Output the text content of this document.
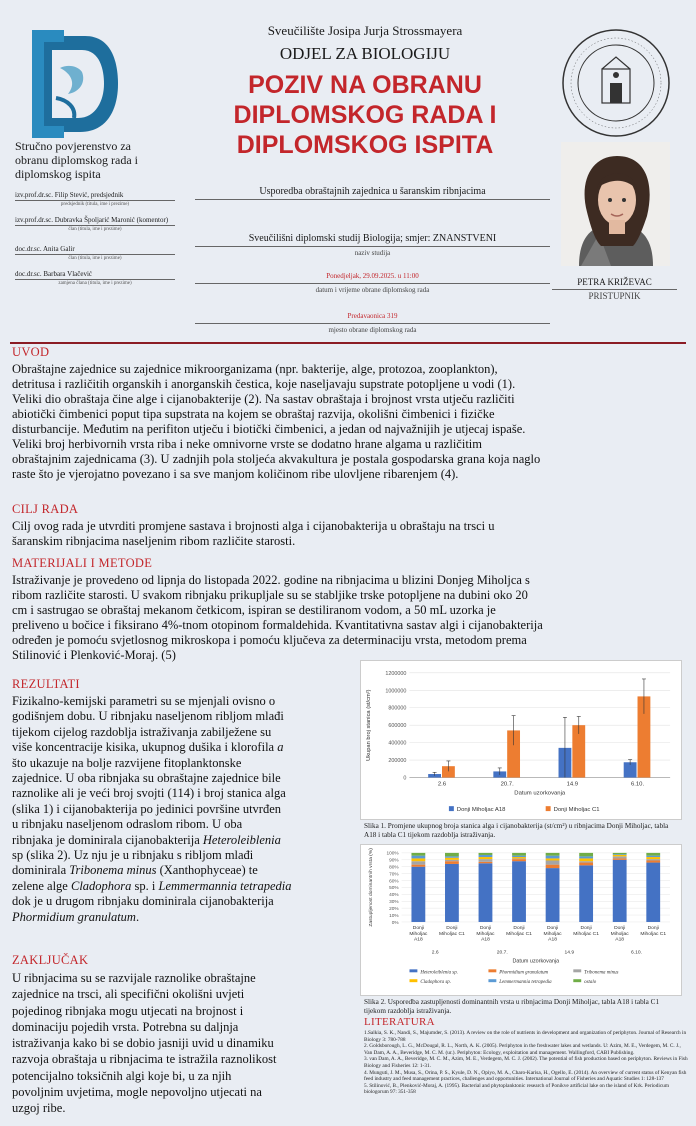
Sveučilište Josipa Jurja Strossmayera
ODJEL ZA BIOLOGIJU
POZIV NA OBRANU
DIPLOMSKOG RADA I
DIPLOMSKOG ISPITA
Stručno povjerenstvo za
obranu diplomskog rada i
diplomskog ispita
izv.prof.dr.sc. Filip Stević, predsjednik
predsjednik (titula, ime i prezime)
izv.prof.dr.sc. Dubravka Špoljarić Maronić (komentor)
član (titula, ime i prezime)
doc.dr.sc. Anita Galir
član (titula, ime i prezime)
doc.dr.sc. Barbara Vlačević
zamjena člana (titula, ime i prezime)
Usporedba obraštajnih zajednica u šaranskim ribnjacima
Sveučilišni diplomski studij Biologija; smjer: ZNANSTVENI
naziv studija
Ponedjeljak, 29.09.2025. u 11:00
datum i vrijeme obrane diplomskog rada
Predavaonica 319
mjesto obrane diplomskog rada
PETRA KRIŽEVAC
PRISTUPNIK
UVOD
Obraštajne zajednice su zajednice mikroorganizama (npr. bakterije, alge, protozoa, zooplankton),
detritusa i različitih organskih i anorganskih čestica, koje naseljavaju supstrate potopljene u vodi (1).
Veliki dio obraštaja čine alge i cijanobakterije (2). Na sastav obraštaja i brojnost vrsta utječu različiti
abiotički čimbenici poput tipa supstrata na kojem se obraštaj razvija, okolišni čimbenici i fizičke
disturbancije. Međutim na perifiton utječu i biotički čimbenici, a jedan od najvažnijih je utjecaj ispaše.
Veliki broj herbivornih vrsta riba i neke omnivorne vrste se dodatno hrane algama u različitim
obraštajnim zajednicama (3). U zadnjih pola stoljeća akvakultura je postala gospodarska grana koja naglo
raste što je vjerojatno povezano i sa sve manjom količinom ribe ulovljene ribarenjem (4).
CILJ RADA
Cilj ovog rada je utvrditi promjene sastava i brojnosti alga i cijanobakterija u obraštaju na trsci u
šaranskim ribnjacima naseljenim ribom različite starosti.
MATERIJALI I METODE
Istraživanje je provedeno od lipnja do listopada 2022. godine na ribnjacima u blizini Donjeg Miholjca s
ribom različite starosti. U svakom ribnjaku prikupljale su se stabljike trske potopljene na dubini oko 20
cm i sastrugao se obraštaj mekanom četkicom, ispiran se destiliranom vodom, a 50 mL uzorka je
preliveno u bočice i fiksirano 4%-tnom otopinom formaldehida. Kvantitativna sastav algi i cijanobakterija
određen je pomoću svjetlosnog mikroskopa i pomoću ključeva za determinaciju vrsta, metodom prema
Stilinović i Plenković-Moraj. (5)
REZULTATI
Fizikalno-kemijski parametri su se mjenjali ovisno o
godišnjem dobu. U ribnjaku naseljenom ribljom mlađi
tijekom cijelog razdoblja istraživanja zabilježene su
više koncentracije kisika, ukupnog dušika i klorofila a
što ukazuje na bolje razvijene fitoplanktonske
zajednice. U oba ribnjaka su obraštajne zajednice bile
raznolike ali je veći broj svojti (114) i broj stanica alga
(slika 1) i cijanobakterija po jedinici površine utvrđen
u ribnjaku naseljenom odraslom ribom. U oba
ribnjaka je dominirala cijanobakterija Heteroleiblenia
sp (slika 2). Uz nju je u ribnjaku s ribljom mlađi
dominirala Tribonema minus (Xanthophyceae) te
zelene alge Cladophora sp. i Lemmermannia tetrapedia
dok je u drugom ribnjaku dominirala cijanobakterija
Phormidium granulatum.
ZAKLJUČAK
U ribnjacima su se razvijale raznolike obraštajne
zajednice na trsci, ali specifični okolišni uvjeti
pojedinog ribnjaka mogu utjecati na brojnost i
dominaciju pojedih vrsta. Potrebna su daljnja
istraživanja kako bi se dobio jasniji uvid u dinamiku
razvoja obraštaja u ribnjacima te istražila raznolikost
potencijalno toksičnih algi koje bi, u za njih
povoljnim uvjetima, mogle nepovoljno utjecati na
uzgoj ribe.
0
200000
400000
600000
800000
1000000
1200000
2.6	20.7.	14.9	6.10.
Datum uzorkovanja
Ukupan broj stanica (st/cm²)
Donji Miholjac A18	Donji Miholjac C1
Slika 1. Promjene ukupnog broja stanica alga i cijanobakterija (st/cm²) u ribnjacima Donji Miholjac, tabla A18 i tabla C1 tijekom razdoblja istraživanja.
0%
10%
20%
30%
40%
50%
60%
70%
80%
90%
100%
Donji
Miholjac
A18
Donji
Miholjac C1
Donji
Miholjac
A18
Donji
Miholjac C1
Donji
Miholjac
A18
Donji
Miholjac C1
Donji
Miholjac
A18
Donji
Miholjac C1
2.6	20.7.	14.9	6.10.
Datum uzorkovanja
Zastupljenost dominantnih vrsta (%)
Heteroleiblenia sp.	Phormidium granulatum	Tribonema minus
Cladophora sp.	Lemmermannia tetrapedia	ostalo
Slika 2. Usporedba zastupljenosti dominantnih vrsta u ribnjacima Donji Miholjac, tabla A18 i tabla C1 tijekom razdoblja istraživanja.
LITERATURA

1.Salkia, S. K., Nandi, S., Majumder, S. (2013). A review on the role of nutrients in development and organization of periphyton. Journal of Research in Biology 3: 780-788

2. Goldsborough, L. G., McDougal, R. L., North, A. K. (2005). Periphyton in the freshwater lakes and wetlands. U: Azim, M. E., Verdegem, M. C. J., Van Dam, A. A., Beveridge, M. C. M. (ur.). Periphyton: Ecology, exploitation and management. Wallingford, CABI Publishing.

3. van Dam, A. A., Beveridge, M. C. M., Azim, M. E., Verdegem, M. C. J. (2002). The potential of fish production based on periphyton. Reviews in Fish Biology and Fisheries 12: 1-31.

4. Munguti, J. M., Musa, S., Orina, P. S., Kyule, D. N., Opiyo, M. A., Charo-Karisa, H., Ogello, E. (2014). An overview of current status of Kenyan fish feed industry and feed management practices, challenges and opportunities. International Journal of Fisheries and Aquatic Studies 1: 128-137

5. Stilinović, B., Plenković-Moraj, A. (1995). Bacterial and phytoplanktonic research of Ponikve artificial lake on the island of Krk. Periodicum biologorum 97: 351-358
